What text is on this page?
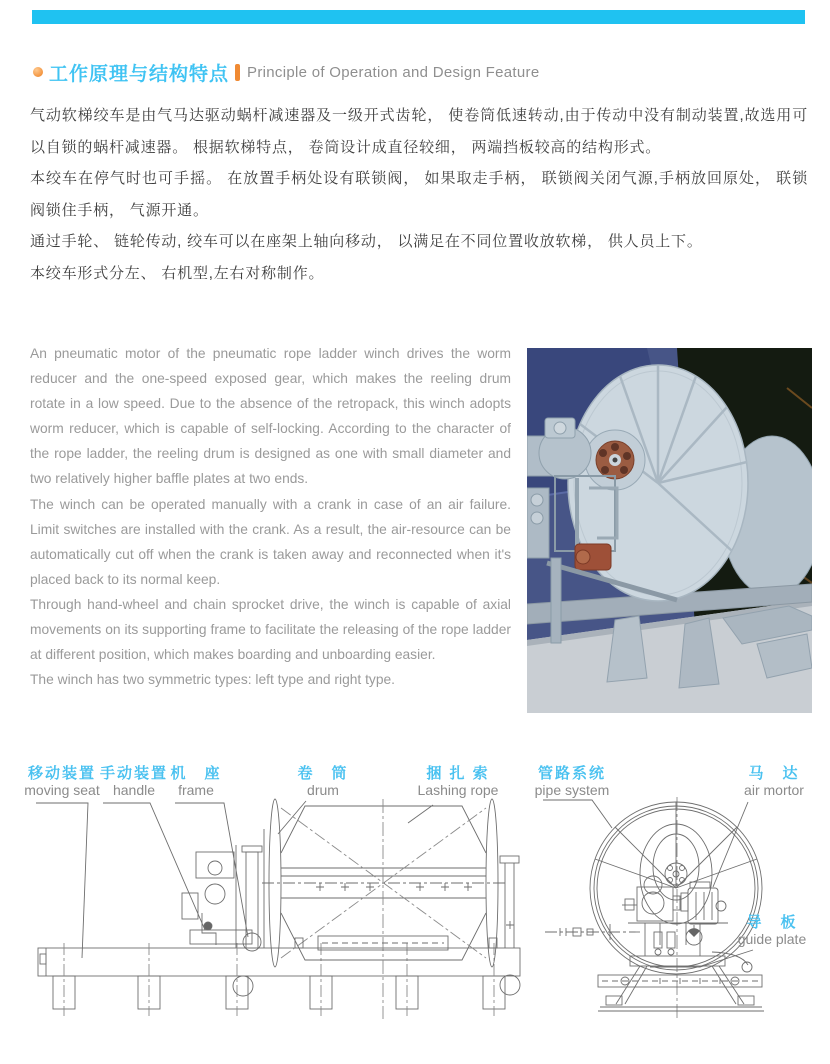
工作原理与结构特点 Principle of Operation and Design Feature

气动软梯绞车是由气马达驱动蜗杆减速器及一级开式齿轮， 使卷筒低速转动,由于传动中没有制动装置,故选用可以自锁的蜗杆减速器。 根据软梯特点， 卷筒设计成直径较细， 两端挡板较高的结构形式。

本绞车在停气时也可手摇。 在放置手柄处设有联锁阀， 如果取走手柄， 联锁阀关闭气源,手柄放回原处， 联锁阀锁住手柄， 气源开通。

通过手轮、 链轮传动, 绞车可以在座架上轴向移动， 以满足在不同位置收放软梯， 供人员上下。

本绞车形式分左、 右机型,左右对称制作。

An pneumatic motor of the pneumatic rope ladder winch drives the worm reducer and the one-speed exposed gear, which makes the reeling drum rotate in a low speed. Due to the absence of the retropack, this winch adopts worm reducer, which is capable of self-locking. According to the character of the rope ladder, the reeling drum is designed as one with small diameter and two relatively higher baffle plates at two ends.

The winch can be operated manually with a crank in case of an air failure. Limit switches are installed with the crank. As a result, the air-resource can be automatically cut off when the crank is taken away and reconnected when it's placed back to its normal keep.

Through hand-wheel and chain sprocket drive, the winch is capable of axial movements on its supporting frame to facilitate the releasing of the rope ladder at different position, which makes boarding and unboarding easier.

The winch has two symmetric types: left type and right type.

移动装置
moving seat
手动装置
handle
机　座
frame
卷　筒
drum
捆 扎 索
Lashing rope
管路系统
pipe system
马　达
air mortor
导　板
guide plate
